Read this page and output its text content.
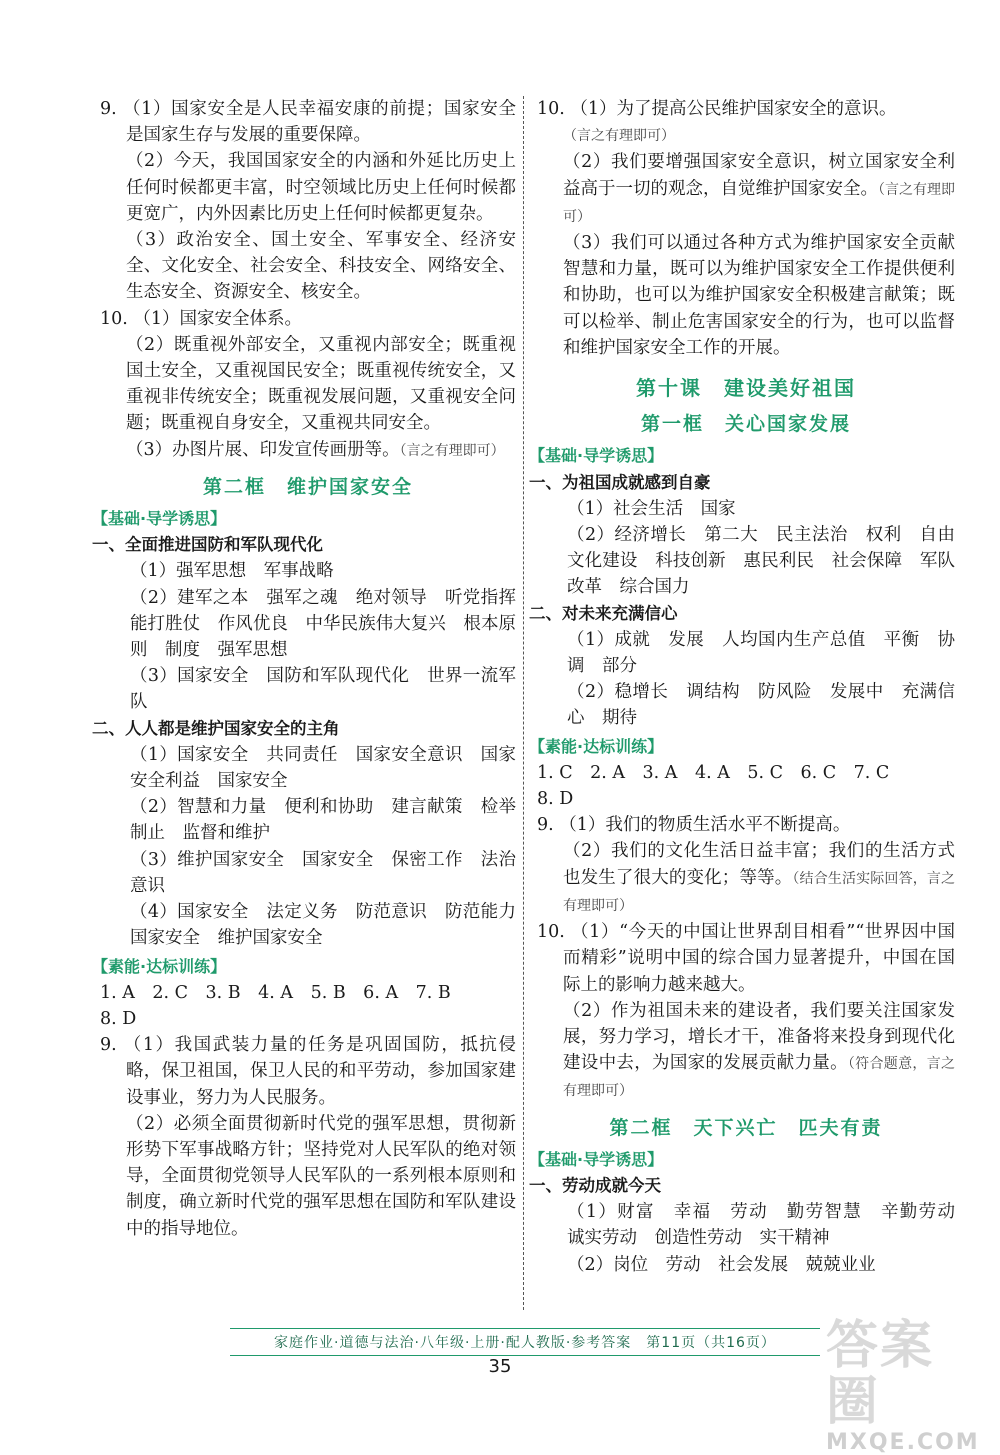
9. （1）国家安全是人民幸福安康的前提；国家安全是国家生存与发展的重要保障。

（2）今天，我国国家安全的内涵和外延比历史上任何时候都更丰富，时空领域比历史上任何时候都更宽广，内外因素比历史上任何时候都更复杂。

（3）政治安全、国土安全、军事安全、经济安全、文化安全、社会安全、科技安全、网络安全、生态安全、资源安全、核安全。

10. （1）国家安全体系。

（2）既重视外部安全，又重视内部安全；既重视国土安全，又重视国民安全；既重视传统安全，又重视非传统安全；既重视发展问题，又重视安全问题；既重视自身安全，又重视共同安全。

（3）办图片展、印发宣传画册等。（言之有理即可）

第二框　维护国家安全
【基础·导学诱思】
一、全面推进国防和军队现代化

（1）强军思想　军事战略

（2）建军之本　强军之魂　绝对领导　听党指挥　能打胜仗　作风优良　中华民族伟大复兴　根本原则　制度　强军思想

（3）国家安全　国防和军队现代化　世界一流军队

二、人人都是维护国家安全的主角

（1）国家安全　共同责任　国家安全意识　国家安全利益　国家安全

（2）智慧和力量　便利和协助　建言献策　检举　制止　监督和维护

（3）维护国家安全　国家安全　保密工作　法治意识

（4）国家安全　法定义务　防范意识　防范能力　国家安全　维护国家安全

【素能·达标训练】

1. A　2. C　3. B　4. A　5. B　6. A　7. B

8. D

9. （1）我国武装力量的任务是巩固国防，抵抗侵略，保卫祖国，保卫人民的和平劳动，参加国家建设事业，努力为人民服务。

（2）必须全面贯彻新时代党的强军思想，贯彻新形势下军事战略方针；坚持党对人民军队的绝对领导，全面贯彻党领导人民军队的一系列根本原则和制度，确立新时代党的强军思想在国防和军队建设中的指导地位。

10. （1）为了提高公民维护国家安全的意识。
（言之有理即可）

（2）我们要增强国家安全意识，树立国家安全利益高于一切的观念，自觉维护国家安全。（言之有理即可）

（3）我们可以通过各种方式为维护国家安全贡献智慧和力量，既可以为维护国家安全工作提供便利和协助，也可以为维护国家安全积极建言献策；既可以检举、制止危害国家安全的行为，也可以监督和维护国家安全工作的开展。

第十课　建设美好祖国
第一框　关心国家发展
【基础·导学诱思】
一、为祖国成就感到自豪

（1）社会生活　国家

（2）经济增长　第二大　民主法治　权利　自由　文化建设　科技创新　惠民利民　社会保障　军队改革　综合国力

二、对未来充满信心

（1）成就　发展　人均国内生产总值　平衡　协调　部分

（2）稳增长　调结构　防风险　发展中　充满信心　期待

【素能·达标训练】

1. C　2. A　3. A　4. A　5. C　6. C　7. C

8. D

9. （1）我们的物质生活水平不断提高。

（2）我们的文化生活日益丰富；我们的生活方式也发生了很大的变化；等等。（结合生活实际回答，言之有理即可）

10. （1）“今天的中国让世界刮目相看”“世界因中国而精彩”说明中国的综合国力显著提升，中国在国际上的影响力越来越大。

（2）作为祖国未来的建设者，我们要关注国家发展，努力学习，增长才干，准备将来投身到现代化建设中去，为国家的发展贡献力量。（符合题意，言之有理即可）

第二框　天下兴亡　匹夫有责
【基础·导学诱思】
一、劳动成就今天

（1）财富　幸福　劳动　勤劳智慧　辛勤劳动　诚实劳动　创造性劳动　实干精神

（2）岗位　劳动　社会发展　兢兢业业

家庭作业·道德与法治·八年级·上册·配人教版·参考答案　第11页（共16页）
35	答案圈
MXQE.COM
